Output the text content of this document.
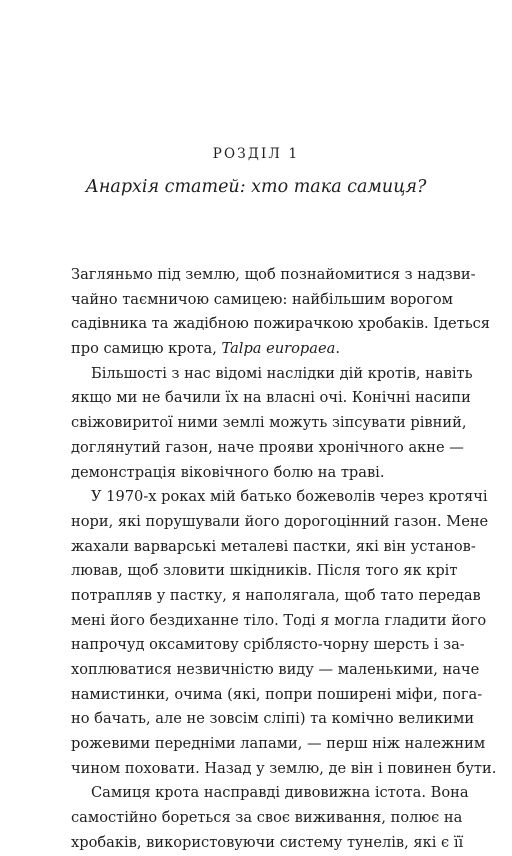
РОЗДІЛ 1
Анархія статей: хто така самиця?
Загляньмо під землю, щоб познайомитися з надзви-
чайно таємничою самицею: найбільшим ворогом
садівника та жадібною пожирачкою хробаків. Ідеться
про самицю крота, Talpa europaea.
Більшості з нас відомі наслідки дій кротів, навіть
якщо ми не бачили їх на власні очі. Конічні насипи
свіжовиритої ними землі можуть зіпсувати рівний,
доглянутий газон, наче прояви хронічного акне —
демонстрація віковічного болю на траві.
У 1970-х роках мій батько божеволів через кротячі
нори, які порушували його дорогоцінний газон. Мене
жахали варварські металеві пастки, які він установ-
лював, щоб зловити шкідників. Після того як кріт
потрапляв у пастку, я наполягала, щоб тато передав
мені його бездиханне тіло. Тоді я могла гладити його
напрочуд оксамитову сріблясто-чорну шерсть і за-
хоплюватися незвичністю виду — маленькими, наче
намистинки, очима (які, попри поширені міфи, пога-
но бачать, але не зовсім сліпі) та комічно великими
рожевими передніми лапами, — перш ніж належним
чином поховати. Назад у землю, де він і повинен бути.
Самиця крота насправді дивовижна істота. Вона
самостійно бореться за своє виживання, полює на
хробаків, використовуючи систему тунелів, які є її
